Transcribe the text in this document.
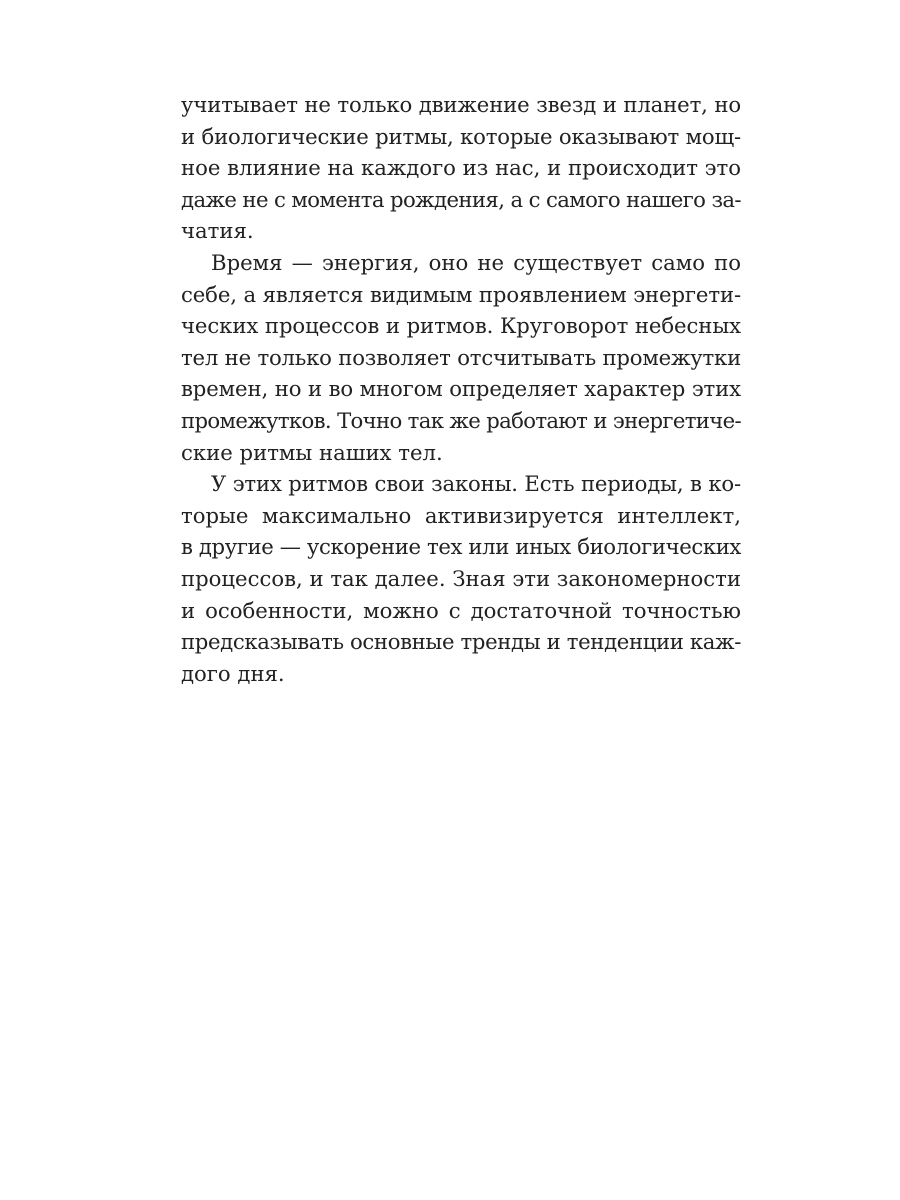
учитывает не только движение звезд и планет, но
и биологические ритмы, которые оказывают мощ-
ное влияние на каждого из нас, и происходит это
даже не с момента рождения, а с самого нашего за-
чатия.
Время — энергия, оно не существует само по
себе, а является видимым проявлением энергети-
ческих процессов и ритмов. Круговорот небесных
тел не только позволяет отсчитывать промежутки
времен, но и во многом определяет характер этих
промежутков. Точно так же работают и энергетиче-
ские ритмы наших тел.
У этих ритмов свои законы. Есть периоды, в ко-
торые максимально активизируется интеллект,
в другие — ускорение тех или иных биологических
процессов, и так далее. Зная эти закономерности
и особенности, можно с достаточной точностью
предсказывать основные тренды и тенденции каж-
дого дня.
